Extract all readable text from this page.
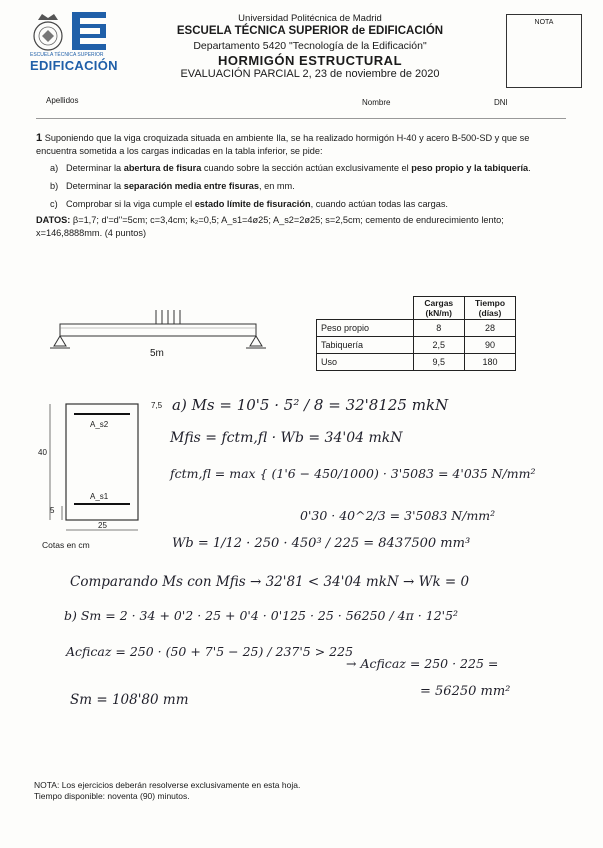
ESCUELA TÉCNICA SUPERIOR
EDIFICACIÓN
Universidad Politécnica de Madrid
ESCUELA TÉCNICA SUPERIOR de EDIFICACIÓN
Departamento 5420 "Tecnología de la Edificación"
HORMIGÓN ESTRUCTURAL
EVALUACIÓN PARCIAL 2, 23 de noviembre de 2020
NOTA
Apellidos	Nombre	DNI
1 Suponiendo que la viga croquizada situada en ambiente Ila, se ha realizado hormigón H-40 y acero B-500-SD y que se encuentra sometida a los cargas indicadas en la tabla inferior, se pide:
a) Determinar la abertura de fisura cuando sobre la sección actúan exclusivamente el peso propio y la tabiquería.
b) Determinar la separación media entre fisuras, en mm.
c) Comprobar si la viga cumple el estado límite de fisuración, cuando actúan todas las cargas.
DATOS: β=1,7; d'=d''=5cm; c=3,4cm; k₂=0,5; A_s1=4ø25; A_s2=2ø25; s=2,5cm; cemento de endurecimiento lento; x=146,8888mm. (4 puntos)
	Cargas (kN/m)	Tiempo (días)
Peso propio	8	28
Tabiquería	2,5	90
Uso	9,5	180
5m
7,5
A_s2
40
A_s1
5
25
Cotas en cm
a) Ms = 10'5 · 5² / 8 = 32'8125 mkN
Mfis = fctm,fl · Wb = 34'04 mkN
fctm,fl = max { (1'6 − 450/1000) · 3'5083 = 4'035 N/mm²
0'30 · 40^2/3 = 3'5083 N/mm²
Wb = 1/12 · 250 · 450³ / 225 = 8437500 mm³
Comparando Ms con Mfis → 32'81 < 34'04 mkN → Wk = 0
b) Sm = 2 · 34 + 0'2 · 25 + 0'4 · 0'125 · 25 · 56250 / 4π · 12'5²
Acficaz = 250 · (50 + 7'5 − 25) / 237'5 > 225
→ Acficaz = 250 · 225 =
= 56250 mm²
Sm = 108'80 mm
NOTA: Los ejercicios deberán resolverse exclusivamente en esta hoja.
Tiempo disponible: noventa (90) minutos.
